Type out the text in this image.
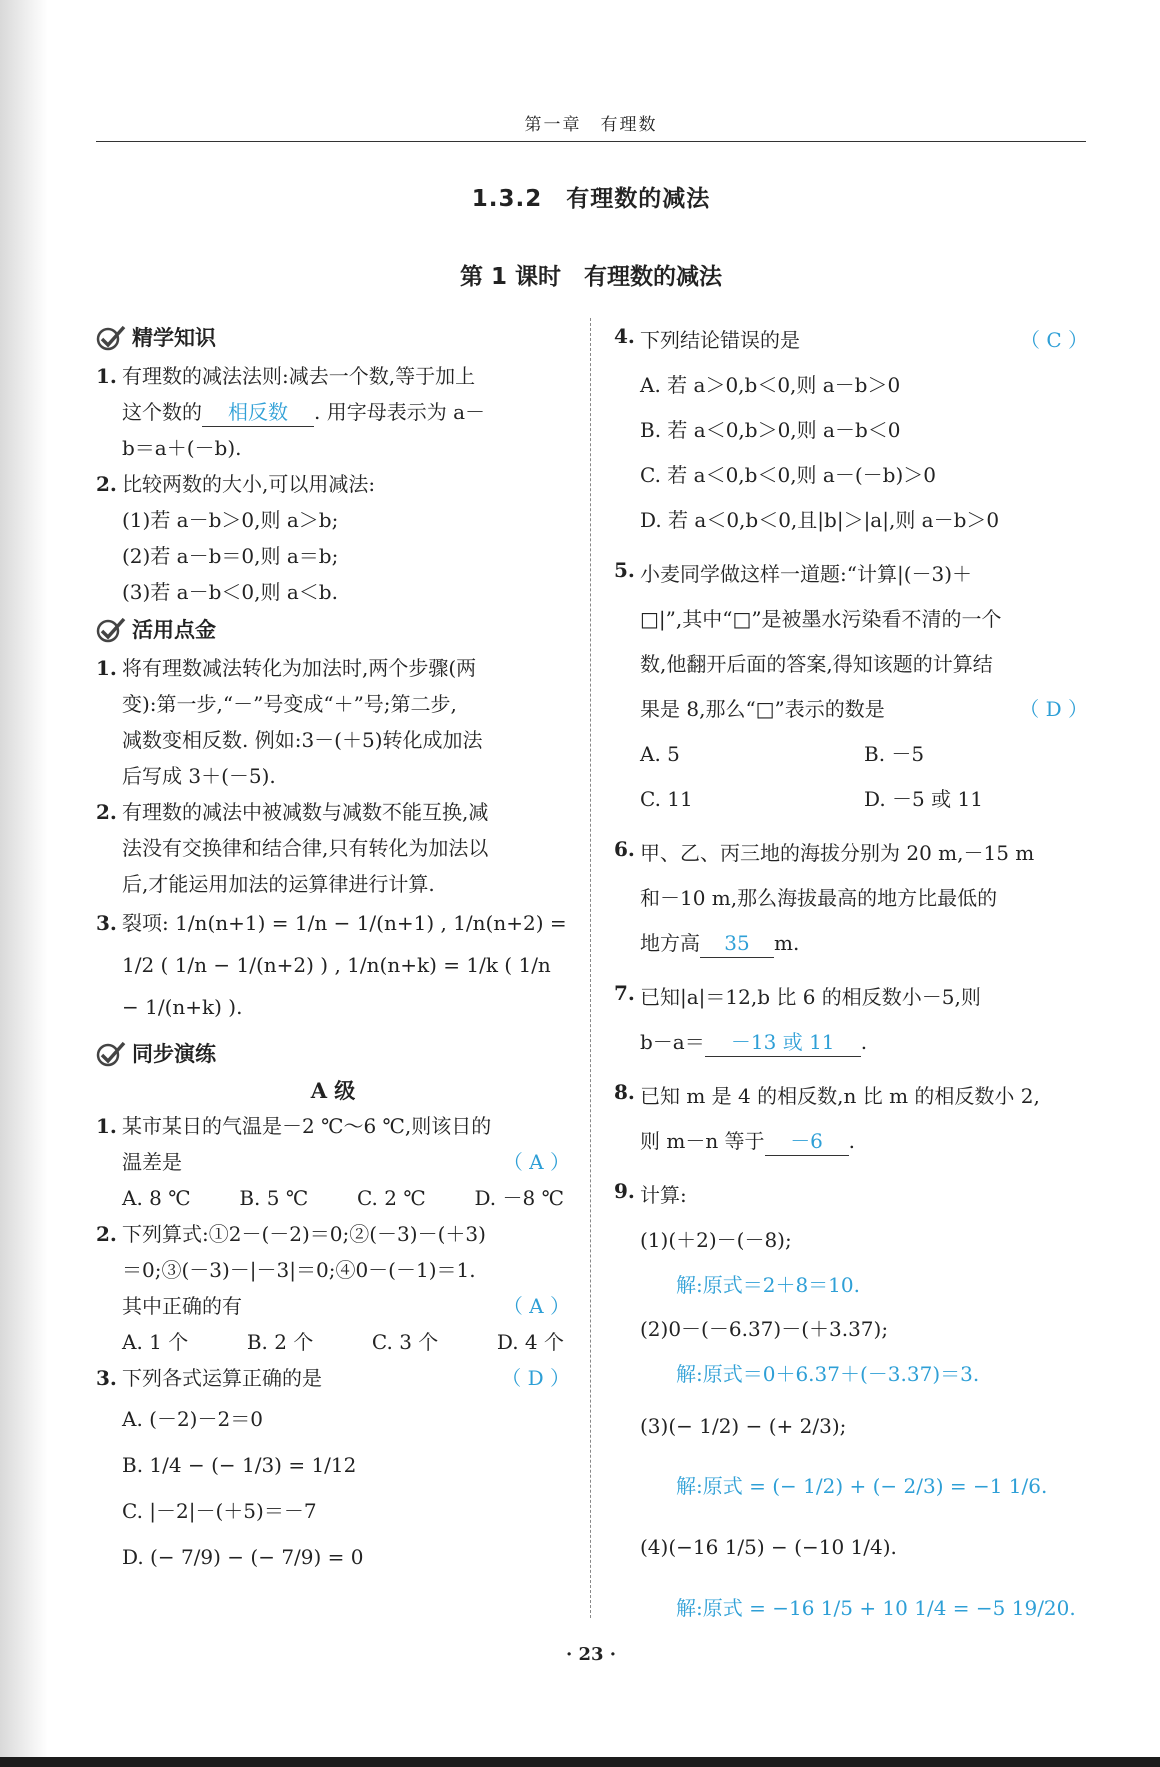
第一章　有理数
1.3.2　有理数的减法
第 1 课时　有理数的减法
精学知识
1. 有理数的减法法则:减去一个数,等于加上
这个数的 相反数 . 用字母表示为 a－
b＝a＋(－b).
2. 比较两数的大小,可以用减法:
(1)若 a－b＞0,则 a＞b;
(2)若 a－b＝0,则 a＝b;
(3)若 a－b＜0,则 a＜b.
活用点金
1. 将有理数减法转化为加法时,两个步骤(两
变):第一步,“－”号变成“＋”号;第二步,
减数变相反数. 例如:3－(＋5)转化成加法
后写成 3＋(－5).
2. 有理数的减法中被减数与减数不能互换,减
法没有交换律和结合律,只有转化为加法以
后,才能运用加法的运算律进行计算.
3. 裂项: 1/n(n+1) = 1/n − 1/(n+1) , 1/n(n+2) =
1/2 ( 1/n − 1/(n+2) ) , 1/n(n+k) = 1/k ( 1/n − 1/(n+k) ).
同步演练
A 级
1. 某市某日的气温是－2 ℃～6 ℃,则该日的
温差是	（ A ）
A. 8 ℃ B. 5 ℃ C. 2 ℃ D. －8 ℃
2. 下列算式:①2－(－2)＝0;②(－3)－(＋3)
＝0;③(－3)－|－3|＝0;④0－(－1)＝1.
其中正确的有	（ A ）
A. 1 个	B. 2 个	C. 3 个	D. 4 个
3. 下列各式运算正确的是	（ D ）
A. (－2)－2＝0
B. 1/4 − (− 1/3) = 1/12
C. |－2|－(＋5)＝－7
D. (− 7/9) − (− 7/9) = 0
4. 下列结论错误的是	（ C ）
A. 若 a＞0,b＜0,则 a－b＞0
B. 若 a＜0,b＞0,则 a－b＜0
C. 若 a＜0,b＜0,则 a－(－b)＞0
D. 若 a＜0,b＜0,且|b|＞|a|,则 a－b＞0
5. 小麦同学做这样一道题:“计算|(－3)＋
□|”,其中“□”是被墨水污染看不清的一个
数,他翻开后面的答案,得知该题的计算结
果是 8,那么“□”表示的数是	（ D ）
A. 5	B. －5
C. 11	D. －5 或 11
6. 甲、乙、丙三地的海拔分别为 20 m,－15 m
和－10 m,那么海拔最高的地方比最低的
地方高 35 m.
7. 已知|a|＝12,b 比 6 的相反数小－5,则
b－a＝ －13 或 11 .
8. 已知 m 是 4 的相反数,n 比 m 的相反数小 2,
则 m－n 等于 －6 .
9. 计算:
(1)(＋2)－(－8);
解:原式＝2＋8＝10.
(2)0－(－6.37)－(＋3.37);
解:原式＝0＋6.37＋(－3.37)＝3.
(3)(− 1/2) − (+ 2/3);
解:原式 = (− 1/2) + (− 2/3) = −1 1/6.
(4)(−16 1/5) − (−10 1/4).
解:原式 = −16 1/5 + 10 1/4 = −5 19/20.
· 23 ·
